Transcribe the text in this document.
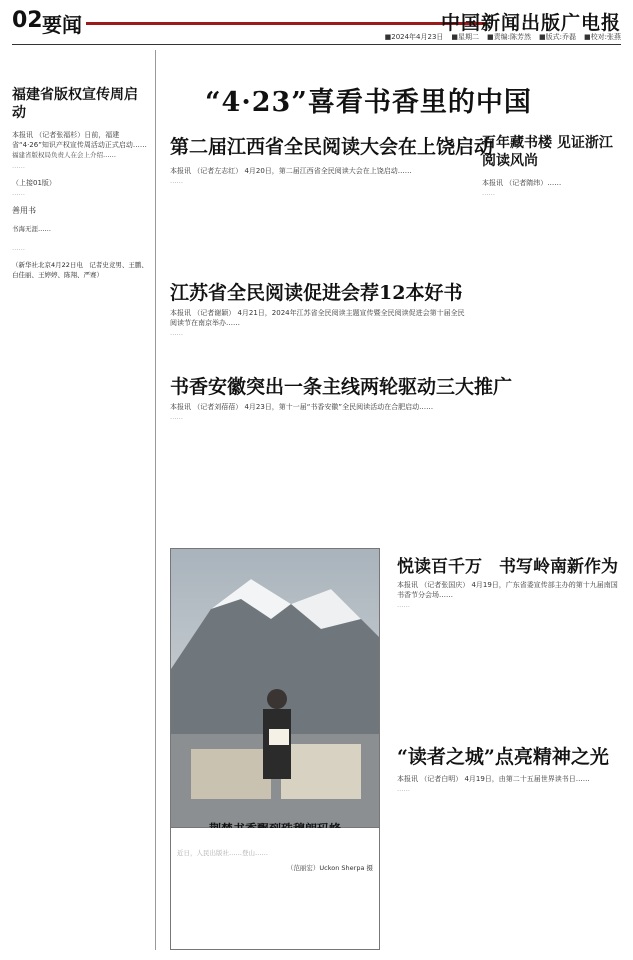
02 要闻	中国新闻出版广电报
■2024年4月23日 ■星期二 ■责编:陈芳然 ■版式:乔磊 ■校对:张燕
福建省版权宣传周启动
本报讯 （记者张福杉）日前，福建省“4·26”知识产权宣传周活动正式启动……

福建省版权局负责人在会上介绍……

……

（上接01版）

……

善用书
书海无涯……

……

（新华社北京4月22日电　记者史竞男、王鹏、白佳丽、王婷婷、陈翔、严赛）
“4·23”喜看书香里的中国
第二届江西省全民阅读大会在上饶启动
本报讯 （记者左志红） 4月20日，第二届江西省全民阅读大会在上饶启动……

……

江苏省全民阅读促进会荐12本好书
本报讯 （记者谢颖） 4月21日，2024年江苏省全民阅读主题宣传暨全民阅读促进会第十届全民阅读节在南京举办……

……

书香安徽突出一条主线两轮驱动三大推广
本报讯 （记者刘蓓蓓） 4月23日，第十一届“书香安徽”全民阅读活动在合肥启动……

……

百年藏书楼 见证浙江阅读风尚
本报讯 （记者隋纬）……

……

近日，人民出版社……登山……

（范丽宏）Uckon Sherpa 摄
悦读百千万　书写岭南新作为
本报讯 （记者张国庆） 4月19日，广东省委宣传部主办的第十九届南国书香节分会场……

……

“读者之城”点亮精神之光
本报讯 （记者白明） 4月19日，由第二十五届世界读书日……

……
